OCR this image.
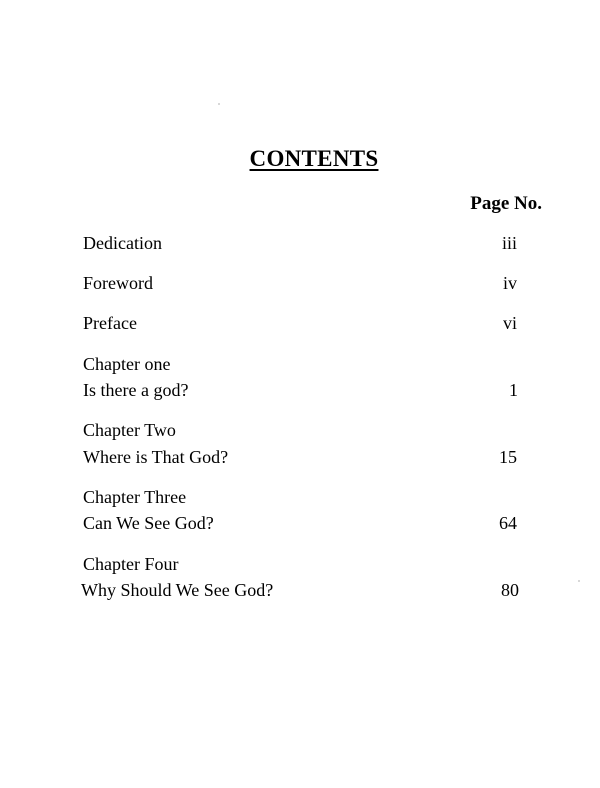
CONTENTS
Page No.
Dedication	iii
Foreword	iv
Preface	vi
Chapter one
Is there a god?	1
Chapter Two
Where is That God?	15
Chapter Three
Can We See God?	64
Chapter Four
Why Should We See God?	80
